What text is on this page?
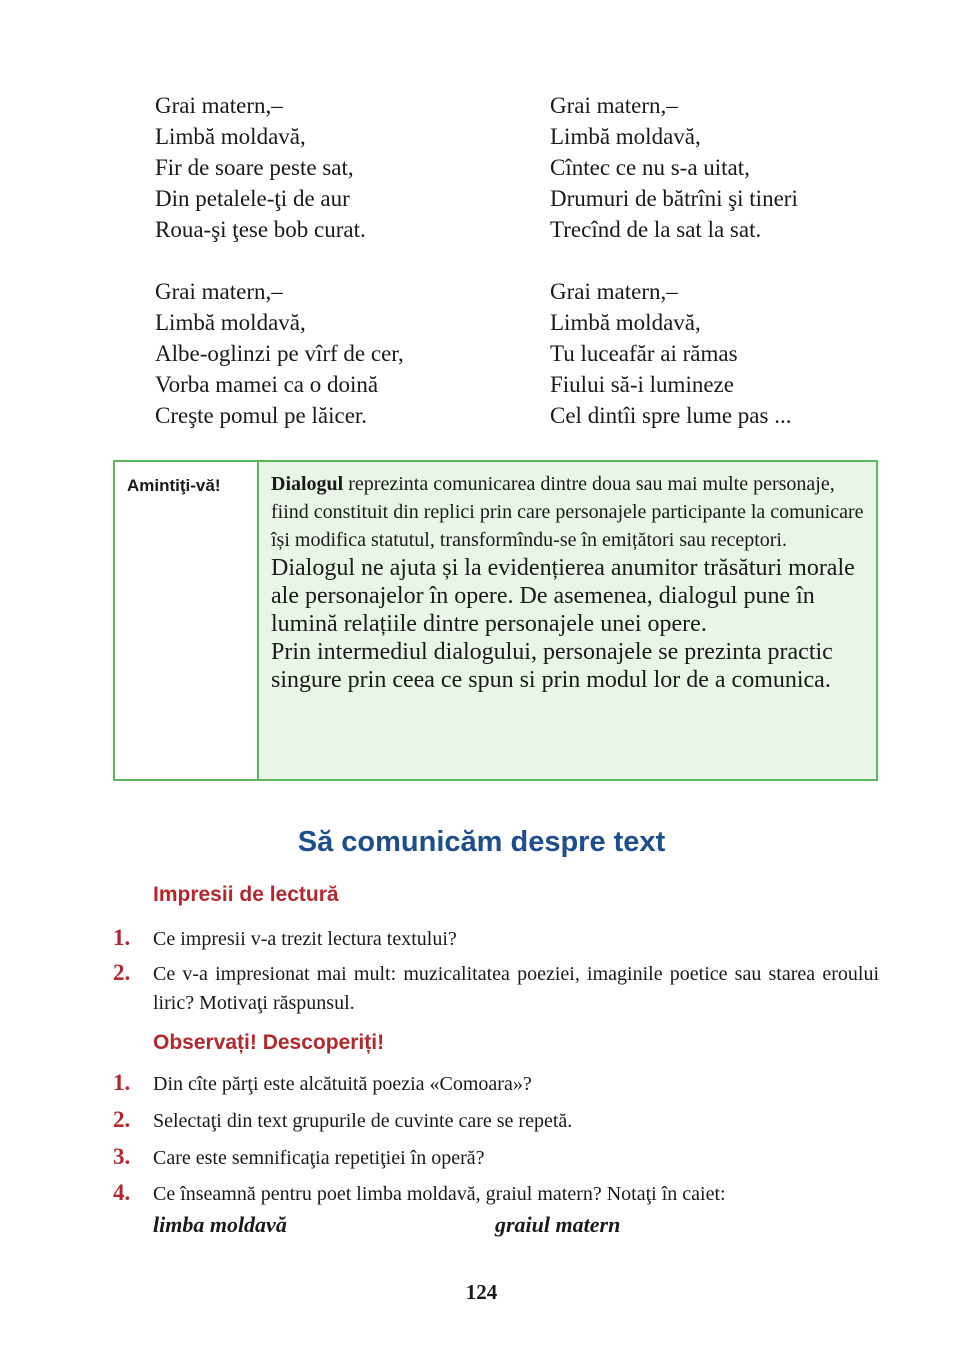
Grai matern,–
Limbă moldavă,
Fir de soare peste sat,
Din petalele-ţi de aur
Roua-şi ţese bob curat.
Grai matern,–
Limbă moldavă,
Albe-oglinzi pe vîrf de cer,
Vorba mamei ca o doină
Creşte pomul pe lăicer.
Grai matern,–
Limbă moldavă,
Cîntec ce nu s-a uitat,
Drumuri de bătrîni şi tineri
Trecînd de la sat la sat.
Grai matern,–
Limbă moldavă,
Tu luceafăr ai rămas
Fiului să-i lumineze
Cel dintîi spre lume pas ...
Amintiţi-vă!	Dialogul reprezinta comunicarea dintre doua sau mai multe personaje, fiind constituit din replici prin care personajele participante la comunicare își modifica statutul, transformîndu-se în emițători sau receptori.
Dialogul ne ajuta și la evidențierea anumitor trăsături morale ale personajelor în opere. De asemenea, dialogul pune în lumină relațiile dintre personajele unei opere.
Prin intermediul dialogului, personajele se prezinta practic singure prin ceea ce spun si prin modul lor de a comunica.
Să comunicăm despre text
Impresii de lectură
1. Ce impresii v-a trezit lectura textului?
2. Ce v-a impresionat mai mult: muzicalitatea poeziei, imaginile poetice sau starea eroului liric? Motivaţi răspunsul.
Observați! Descoperiți!
1. Din cîte părţi este alcătuită poezia «Comoara»?
2. Selectaţi din text grupurile de cuvinte care se repetă.
3. Care este semnificaţia repetiţiei în operă?
4. Ce înseamnă pentru poet limba moldavă, graiul matern? Notaţi în caiet:
limba moldavă	graiul matern
124
